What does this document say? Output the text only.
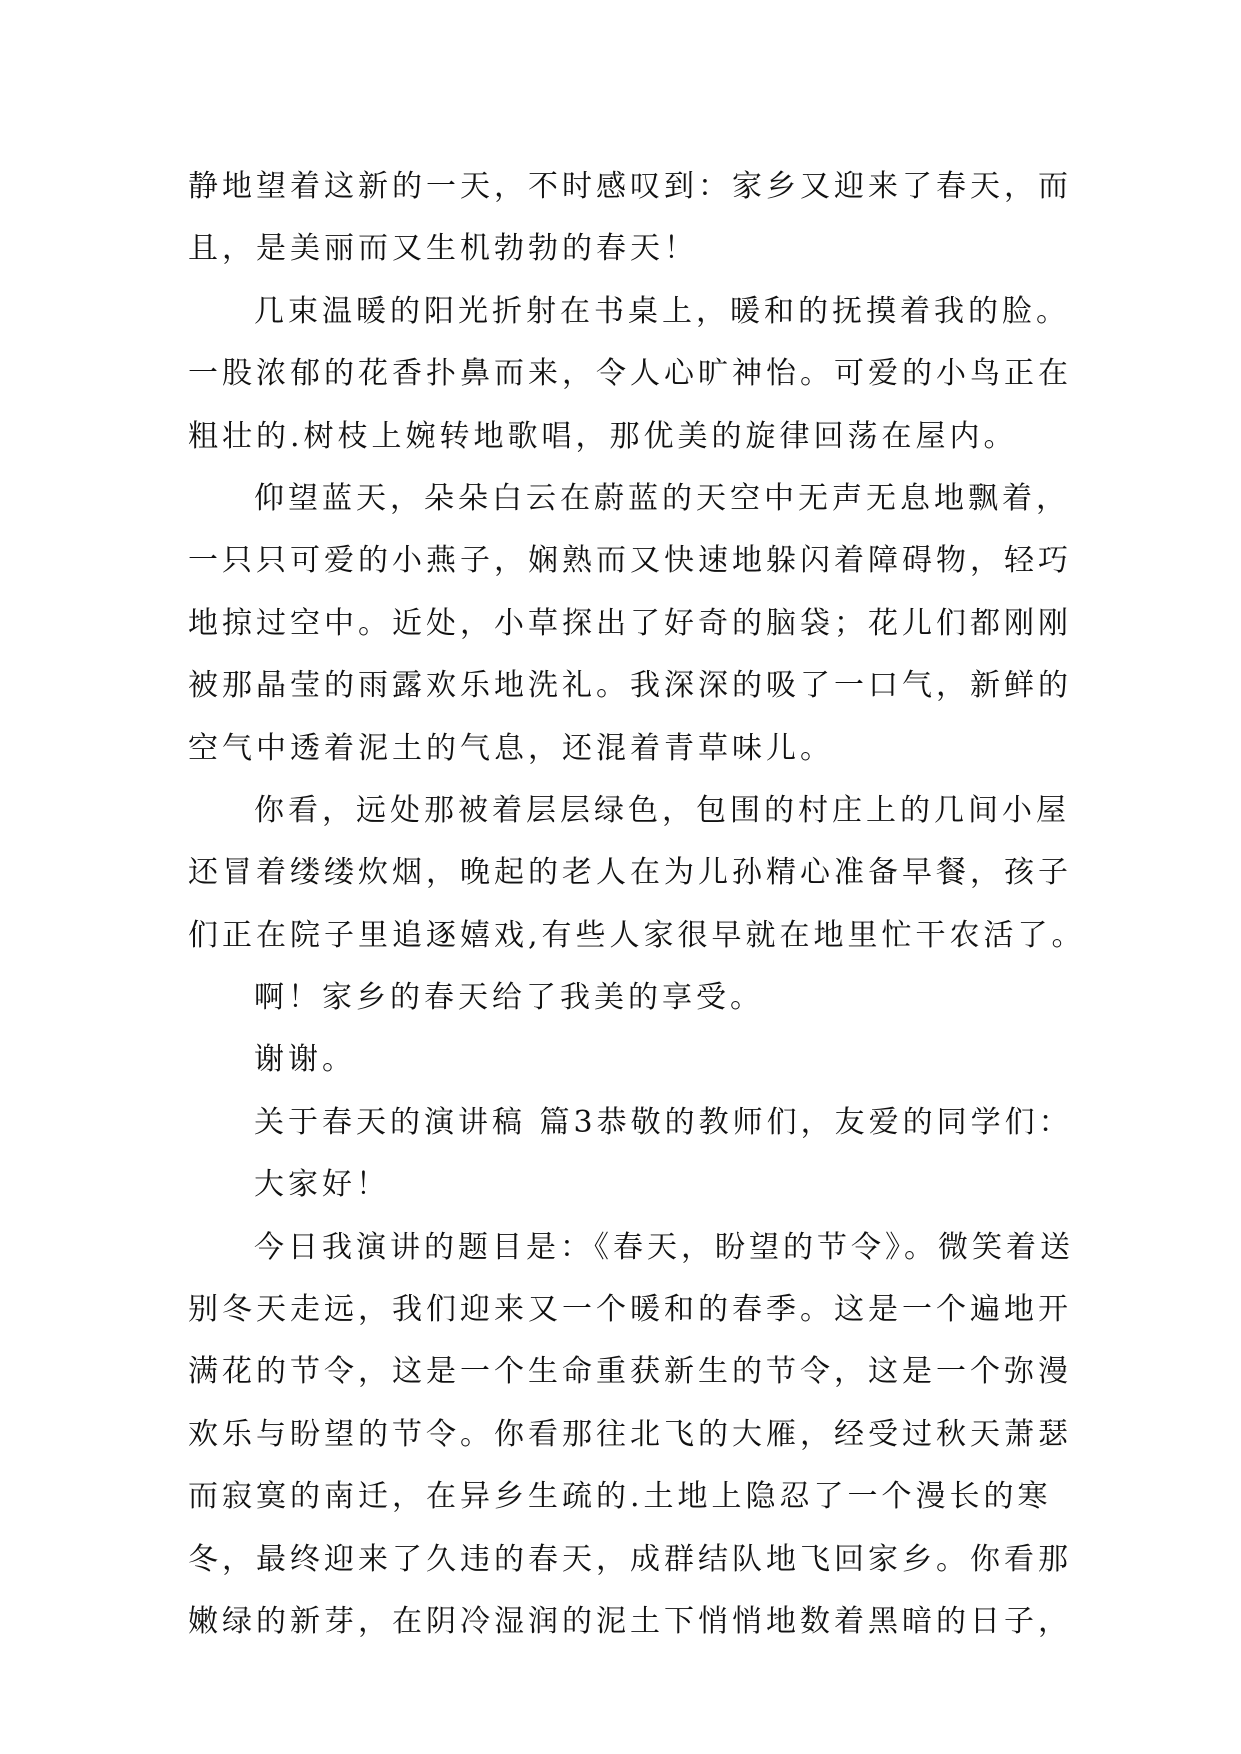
静地望着这新的一天，不时感叹到：家乡又迎来了春天，而
且，是美丽而又生机勃勃的春天！
几束温暖的阳光折射在书桌上，暖和的抚摸着我的脸。
一股浓郁的花香扑鼻而来，令人心旷神怡。可爱的小鸟正在
粗壮的.树枝上婉转地歌唱，那优美的旋律回荡在屋内。
仰望蓝天，朵朵白云在蔚蓝的天空中无声无息地飘着，
一只只可爱的小燕子，娴熟而又快速地躲闪着障碍物，轻巧
地掠过空中。近处，小草探出了好奇的脑袋；花儿们都刚刚
被那晶莹的雨露欢乐地洗礼。我深深的吸了一口气，新鲜的
空气中透着泥土的气息，还混着青草味儿。
你看，远处那被着层层绿色，包围的村庄上的几间小屋
还冒着缕缕炊烟，晚起的老人在为儿孙精心准备早餐，孩子
们正在院子里追逐嬉戏,有些人家很早就在地里忙干农活了。
啊！家乡的春天给了我美的享受。
谢谢。
关于春天的演讲稿 篇3恭敬的教师们，友爱的同学们：
大家好！
今日我演讲的题目是：《春天，盼望的节令》。微笑着送
别冬天走远，我们迎来又一个暖和的春季。这是一个遍地开
满花的节令，这是一个生命重获新生的节令，这是一个弥漫
欢乐与盼望的节令。你看那往北飞的大雁，经受过秋天萧瑟
而寂寞的南迁，在异乡生疏的.土地上隐忍了一个漫长的寒
冬，最终迎来了久违的春天，成群结队地飞回家乡。你看那
嫩绿的新芽，在阴冷湿润的泥土下悄悄地数着黑暗的日子，
